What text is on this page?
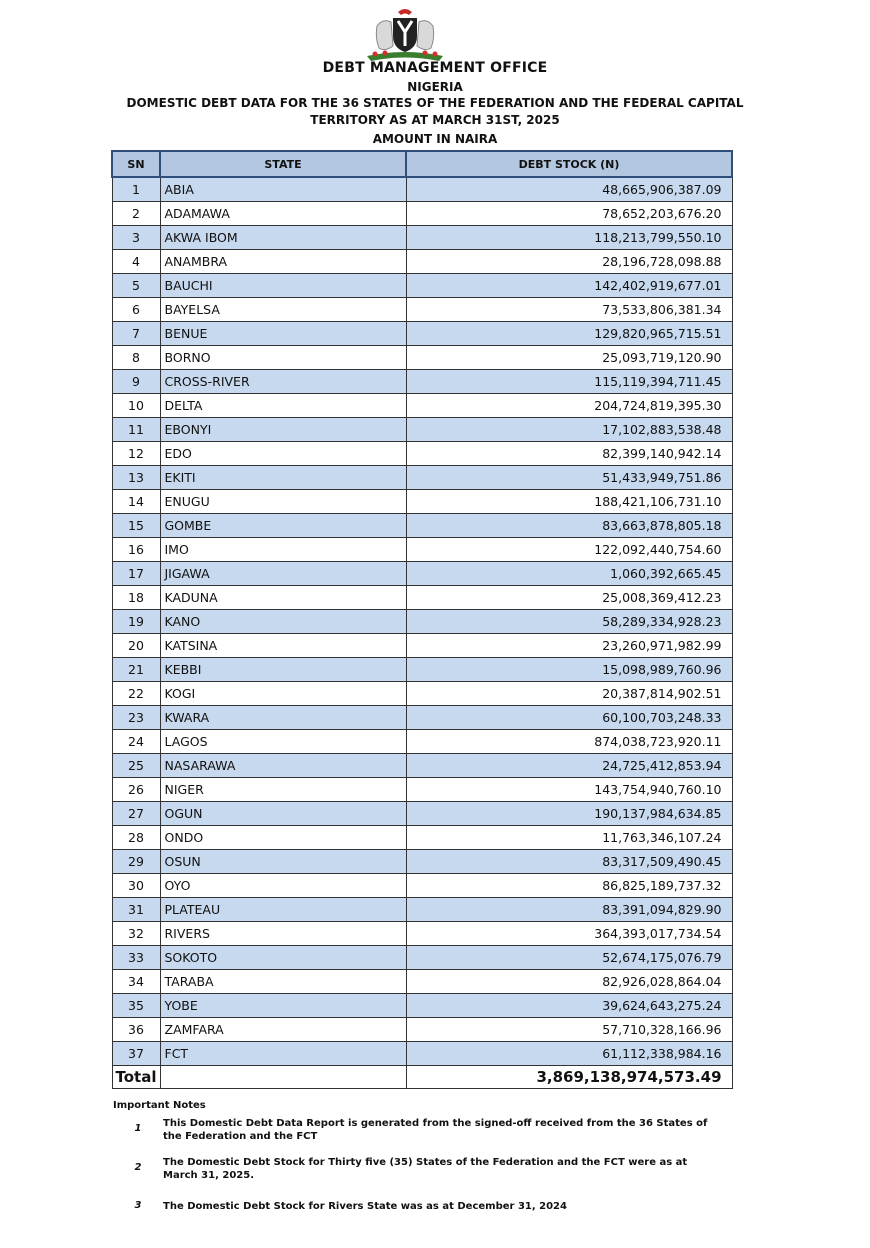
DEBT MANAGEMENT OFFICE
NIGERIA
DOMESTIC DEBT DATA FOR THE 36 STATES OF THE FEDERATION AND THE FEDERAL CAPITAL
TERRITORY AS AT MARCH 31ST, 2025
AMOUNT IN NAIRA
SN	STATE	DEBT STOCK (N)
1	ABIA	48,665,906,387.09
2	ADAMAWA	78,652,203,676.20
3	AKWA IBOM	118,213,799,550.10
4	ANAMBRA	28,196,728,098.88
5	BAUCHI	142,402,919,677.01
6	BAYELSA	73,533,806,381.34
7	BENUE	129,820,965,715.51
8	BORNO	25,093,719,120.90
9	CROSS-RIVER	115,119,394,711.45
10	DELTA	204,724,819,395.30
11	EBONYI	17,102,883,538.48
12	EDO	82,399,140,942.14
13	EKITI	51,433,949,751.86
14	ENUGU	188,421,106,731.10
15	GOMBE	83,663,878,805.18
16	IMO	122,092,440,754.60
17	JIGAWA	1,060,392,665.45
18	KADUNA	25,008,369,412.23
19	KANO	58,289,334,928.23
20	KATSINA	23,260,971,982.99
21	KEBBI	15,098,989,760.96
22	KOGI	20,387,814,902.51
23	KWARA	60,100,703,248.33
24	LAGOS	874,038,723,920.11
25	NASARAWA	24,725,412,853.94
26	NIGER	143,754,940,760.10
27	OGUN	190,137,984,634.85
28	ONDO	11,763,346,107.24
29	OSUN	83,317,509,490.45
30	OYO	86,825,189,737.32
31	PLATEAU	83,391,094,829.90
32	RIVERS	364,393,017,734.54
33	SOKOTO	52,674,175,076.79
34	TARABA	82,926,028,864.04
35	YOBE	39,624,643,275.24
36	ZAMFARA	57,710,328,166.96
37	FCT	61,112,338,984.16
Total		3,869,138,974,573.49
Important Notes
1 This Domestic Debt Data Report is generated from the signed-off received from the 36 States of the Federation and the FCT
2 The Domestic Debt Stock for Thirty five (35) States of the Federation and the FCT were as at March 31, 2025.
3 The Domestic Debt Stock for Rivers State was as at December 31, 2024
